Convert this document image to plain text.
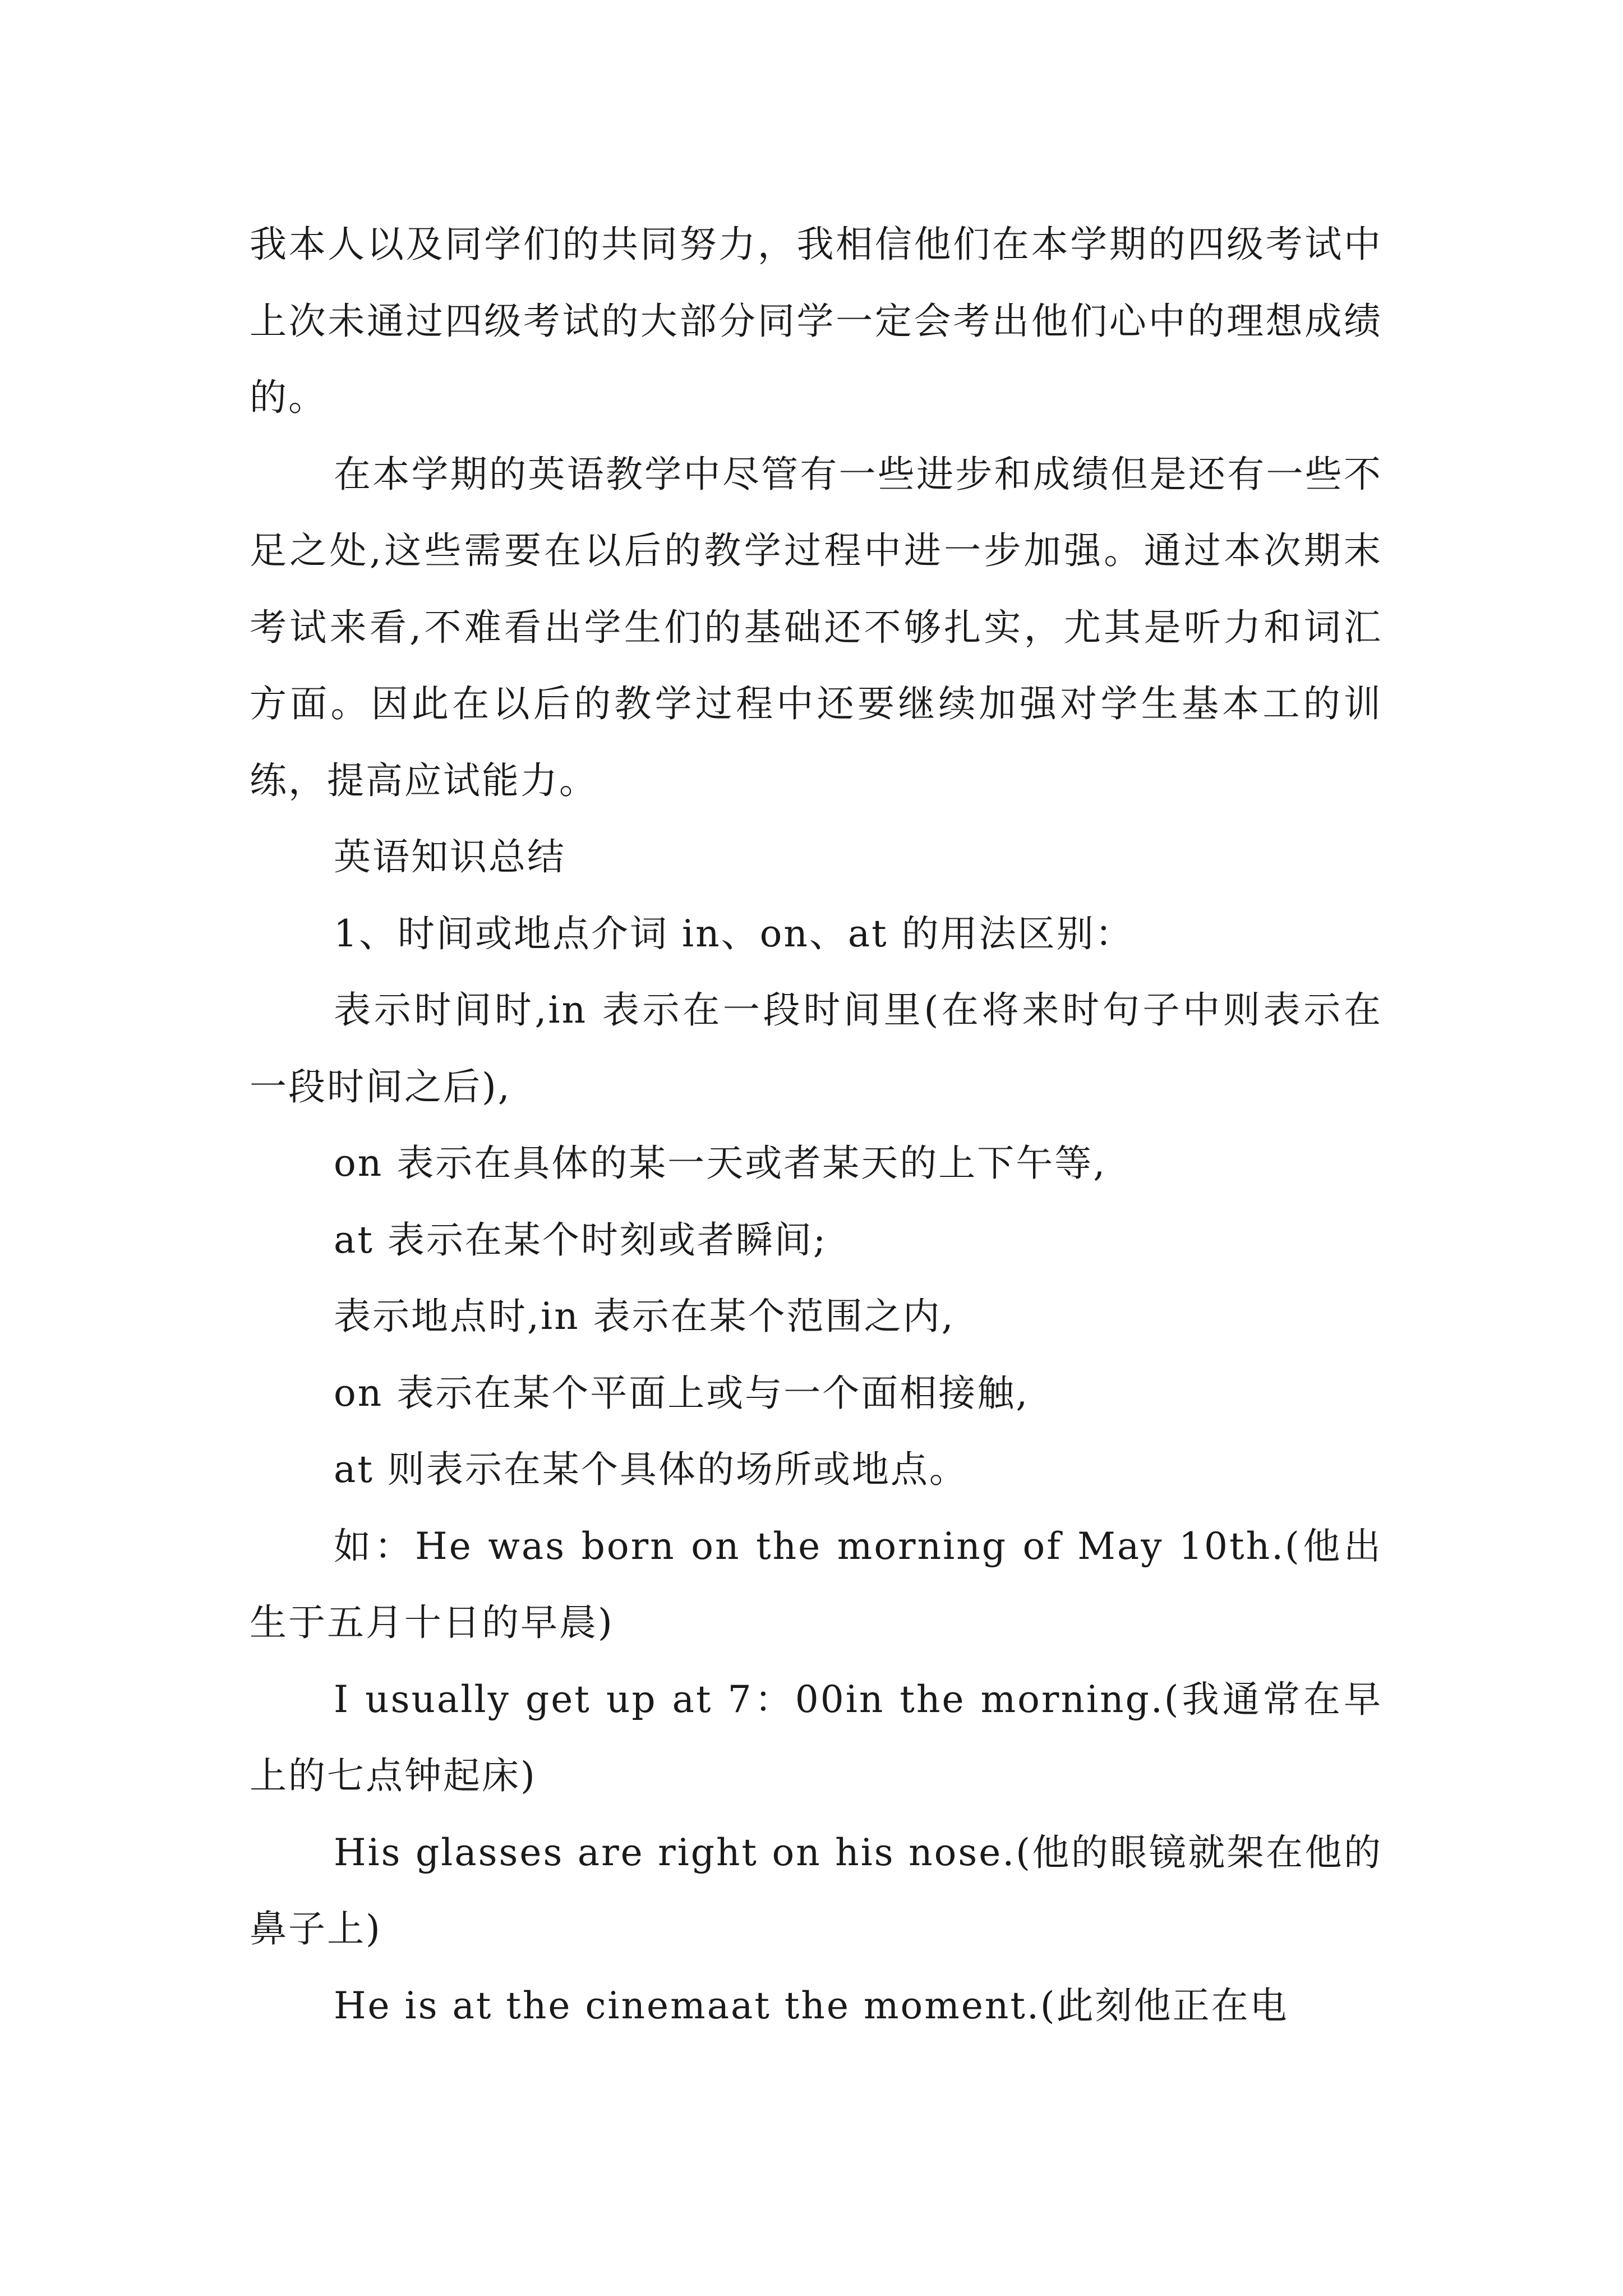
我本人以及同学们的共同努力，我相信他们在本学期的四级考试中上次未通过四级考试的大部分同学一定会考出他们心中的理想成绩的。

在本学期的英语教学中尽管有一些进步和成绩但是还有一些不足之处,这些需要在以后的教学过程中进一步加强。通过本次期末考试来看,不难看出学生们的基础还不够扎实，尤其是听力和词汇方面。因此在以后的教学过程中还要继续加强对学生基本工的训练，提高应试能力。

英语知识总结

1、时间或地点介词 in、on、at 的用法区别：

表示时间时,in 表示在一段时间里(在将来时句子中则表示在一段时间之后),

on 表示在具体的某一天或者某天的上下午等,

at 表示在某个时刻或者瞬间;

表示地点时,in 表示在某个范围之内,

on 表示在某个平面上或与一个面相接触,

at 则表示在某个具体的场所或地点。

如：He was born on the morning of May 10th.(他出生于五月十日的早晨)

I usually get up at 7：00in the morning.(我通常在早上的七点钟起床)

His glasses are right on his nose.(他的眼镜就架在他的鼻子上)

He is at the cinemaat the moment.(此刻他正在电
